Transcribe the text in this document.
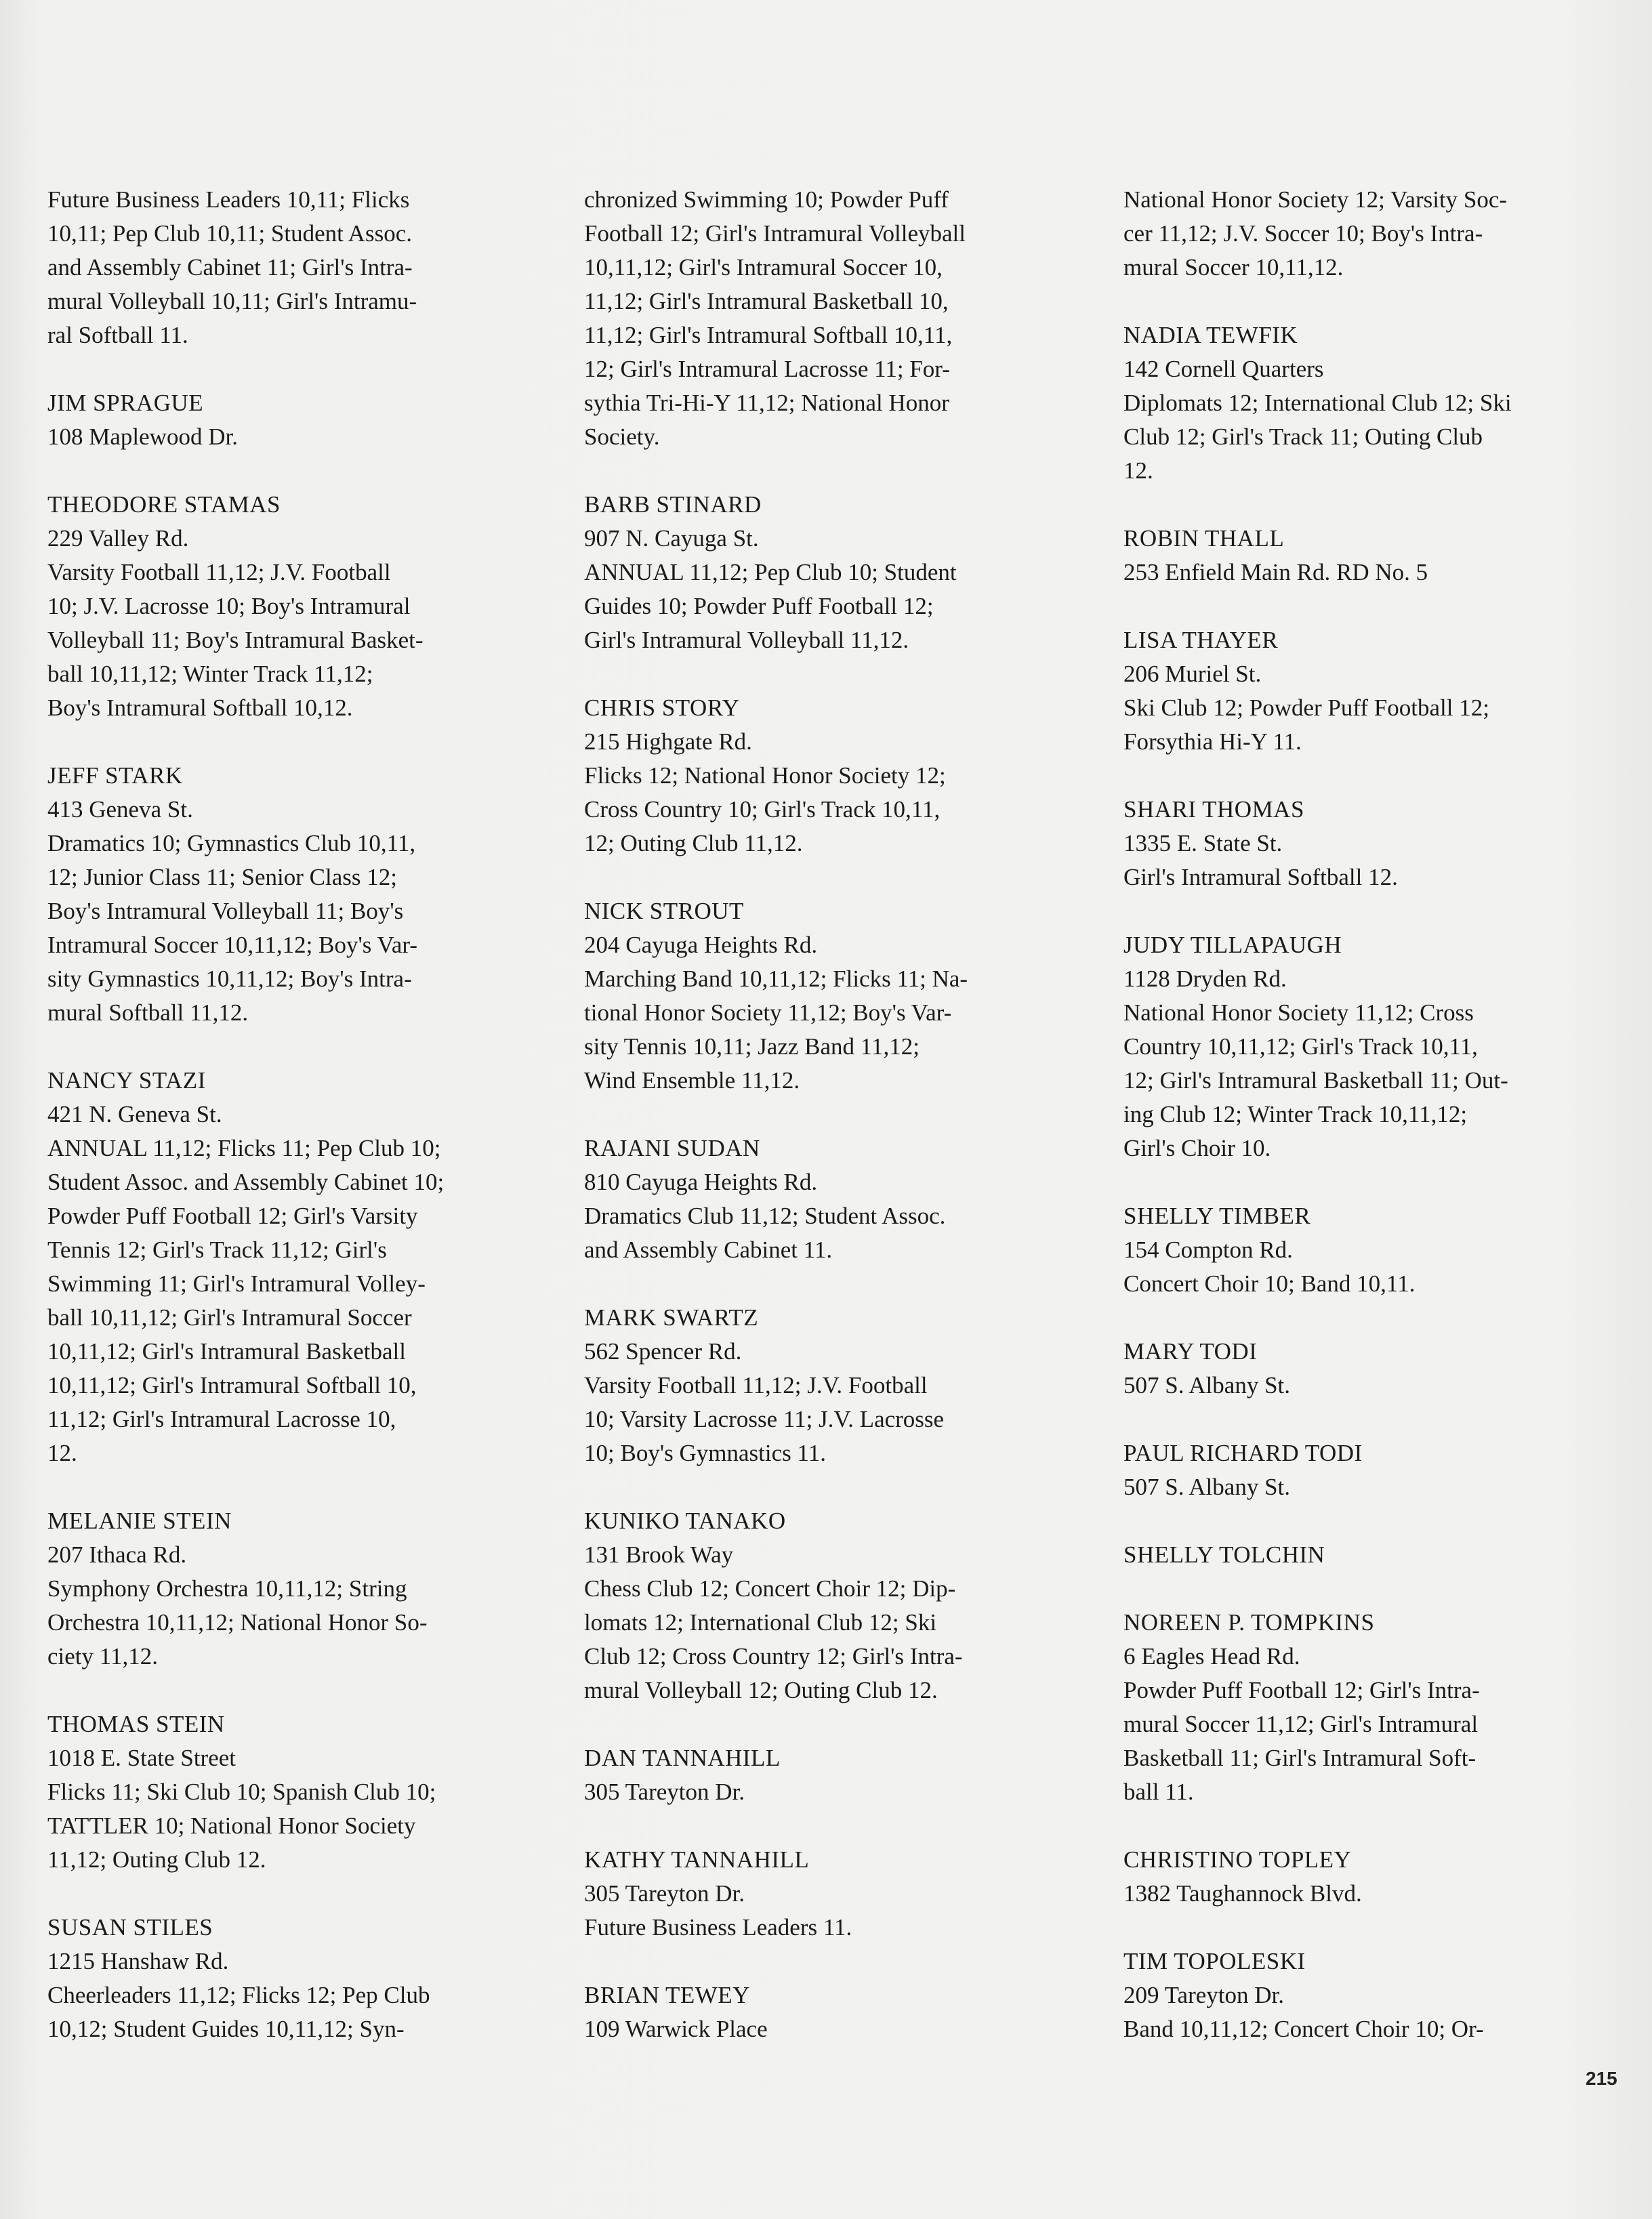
Future Business Leaders 10,11; Flicks
10,11; Pep Club 10,11; Student Assoc.
and Assembly Cabinet 11; Girl's Intra-
mural Volleyball 10,11; Girl's Intramu-
ral Softball 11.
JIM SPRAGUE
108 Maplewood Dr.
THEODORE STAMAS
229 Valley Rd.
Varsity Football 11,12; J.V. Football
10; J.V. Lacrosse 10; Boy's Intramural
Volleyball 11; Boy's Intramural Basket-
ball 10,11,12; Winter Track 11,12;
Boy's Intramural Softball 10,12.
JEFF STARK
413 Geneva St.
Dramatics 10; Gymnastics Club 10,11,
12; Junior Class 11; Senior Class 12;
Boy's Intramural Volleyball 11; Boy's
Intramural Soccer 10,11,12; Boy's Var-
sity Gymnastics 10,11,12; Boy's Intra-
mural Softball 11,12.
NANCY STAZI
421 N. Geneva St.
ANNUAL 11,12; Flicks 11; Pep Club 10;
Student Assoc. and Assembly Cabinet 10;
Powder Puff Football 12; Girl's Varsity
Tennis 12; Girl's Track 11,12; Girl's
Swimming 11; Girl's Intramural Volley-
ball 10,11,12; Girl's Intramural Soccer
10,11,12; Girl's Intramural Basketball
10,11,12; Girl's Intramural Softball 10,
11,12; Girl's Intramural Lacrosse 10,
12.
MELANIE STEIN
207 Ithaca Rd.
Symphony Orchestra 10,11,12; String
Orchestra 10,11,12; National Honor So-
ciety 11,12.
THOMAS STEIN
1018 E. State Street
Flicks 11; Ski Club 10; Spanish Club 10;
TATTLER 10; National Honor Society
11,12; Outing Club 12.
SUSAN STILES
1215 Hanshaw Rd.
Cheerleaders 11,12; Flicks 12; Pep Club
10,12; Student Guides 10,11,12; Syn-
chronized Swimming 10; Powder Puff
Football 12; Girl's Intramural Volleyball
10,11,12; Girl's Intramural Soccer 10,
11,12; Girl's Intramural Basketball 10,
11,12; Girl's Intramural Softball 10,11,
12; Girl's Intramural Lacrosse 11; For-
sythia Tri-Hi-Y 11,12; National Honor
Society.
BARB STINARD
907 N. Cayuga St.
ANNUAL 11,12; Pep Club 10; Student
Guides 10; Powder Puff Football 12;
Girl's Intramural Volleyball 11,12.
CHRIS STORY
215 Highgate Rd.
Flicks 12; National Honor Society 12;
Cross Country 10; Girl's Track 10,11,
12; Outing Club 11,12.
NICK STROUT
204 Cayuga Heights Rd.
Marching Band 10,11,12; Flicks 11; Na-
tional Honor Society 11,12; Boy's Var-
sity Tennis 10,11; Jazz Band 11,12;
Wind Ensemble 11,12.
RAJANI SUDAN
810 Cayuga Heights Rd.
Dramatics Club 11,12; Student Assoc.
and Assembly Cabinet 11.
MARK SWARTZ
562 Spencer Rd.
Varsity Football 11,12; J.V. Football
10; Varsity Lacrosse 11; J.V. Lacrosse
10; Boy's Gymnastics 11.
KUNIKO TANAKO
131 Brook Way
Chess Club 12; Concert Choir 12; Dip-
lomats 12; International Club 12; Ski
Club 12; Cross Country 12; Girl's Intra-
mural Volleyball 12; Outing Club 12.
DAN TANNAHILL
305 Tareyton Dr.
KATHY TANNAHILL
305 Tareyton Dr.
Future Business Leaders 11.
BRIAN TEWEY
109 Warwick Place
National Honor Society 12; Varsity Soc-
cer 11,12; J.V. Soccer 10; Boy's Intra-
mural Soccer 10,11,12.
NADIA TEWFIK
142 Cornell Quarters
Diplomats 12; International Club 12; Ski
Club 12; Girl's Track 11; Outing Club
12.
ROBIN THALL
253 Enfield Main Rd. RD No. 5
LISA THAYER
206 Muriel St.
Ski Club 12; Powder Puff Football 12;
Forsythia Hi-Y 11.
SHARI THOMAS
1335 E. State St.
Girl's Intramural Softball 12.
JUDY TILLAPAUGH
1128 Dryden Rd.
National Honor Society 11,12; Cross
Country 10,11,12; Girl's Track 10,11,
12; Girl's Intramural Basketball 11; Out-
ing Club 12; Winter Track 10,11,12;
Girl's Choir 10.
SHELLY TIMBER
154 Compton Rd.
Concert Choir 10; Band 10,11.
MARY TODI
507 S. Albany St.
PAUL RICHARD TODI
507 S. Albany St.
SHELLY TOLCHIN
NOREEN P. TOMPKINS
6 Eagles Head Rd.
Powder Puff Football 12; Girl's Intra-
mural Soccer 11,12; Girl's Intramural
Basketball 11; Girl's Intramural Soft-
ball 11.
CHRISTINO TOPLEY
1382 Taughannock Blvd.
TIM TOPOLESKI
209 Tareyton Dr.
Band 10,11,12; Concert Choir 10; Or-
215
